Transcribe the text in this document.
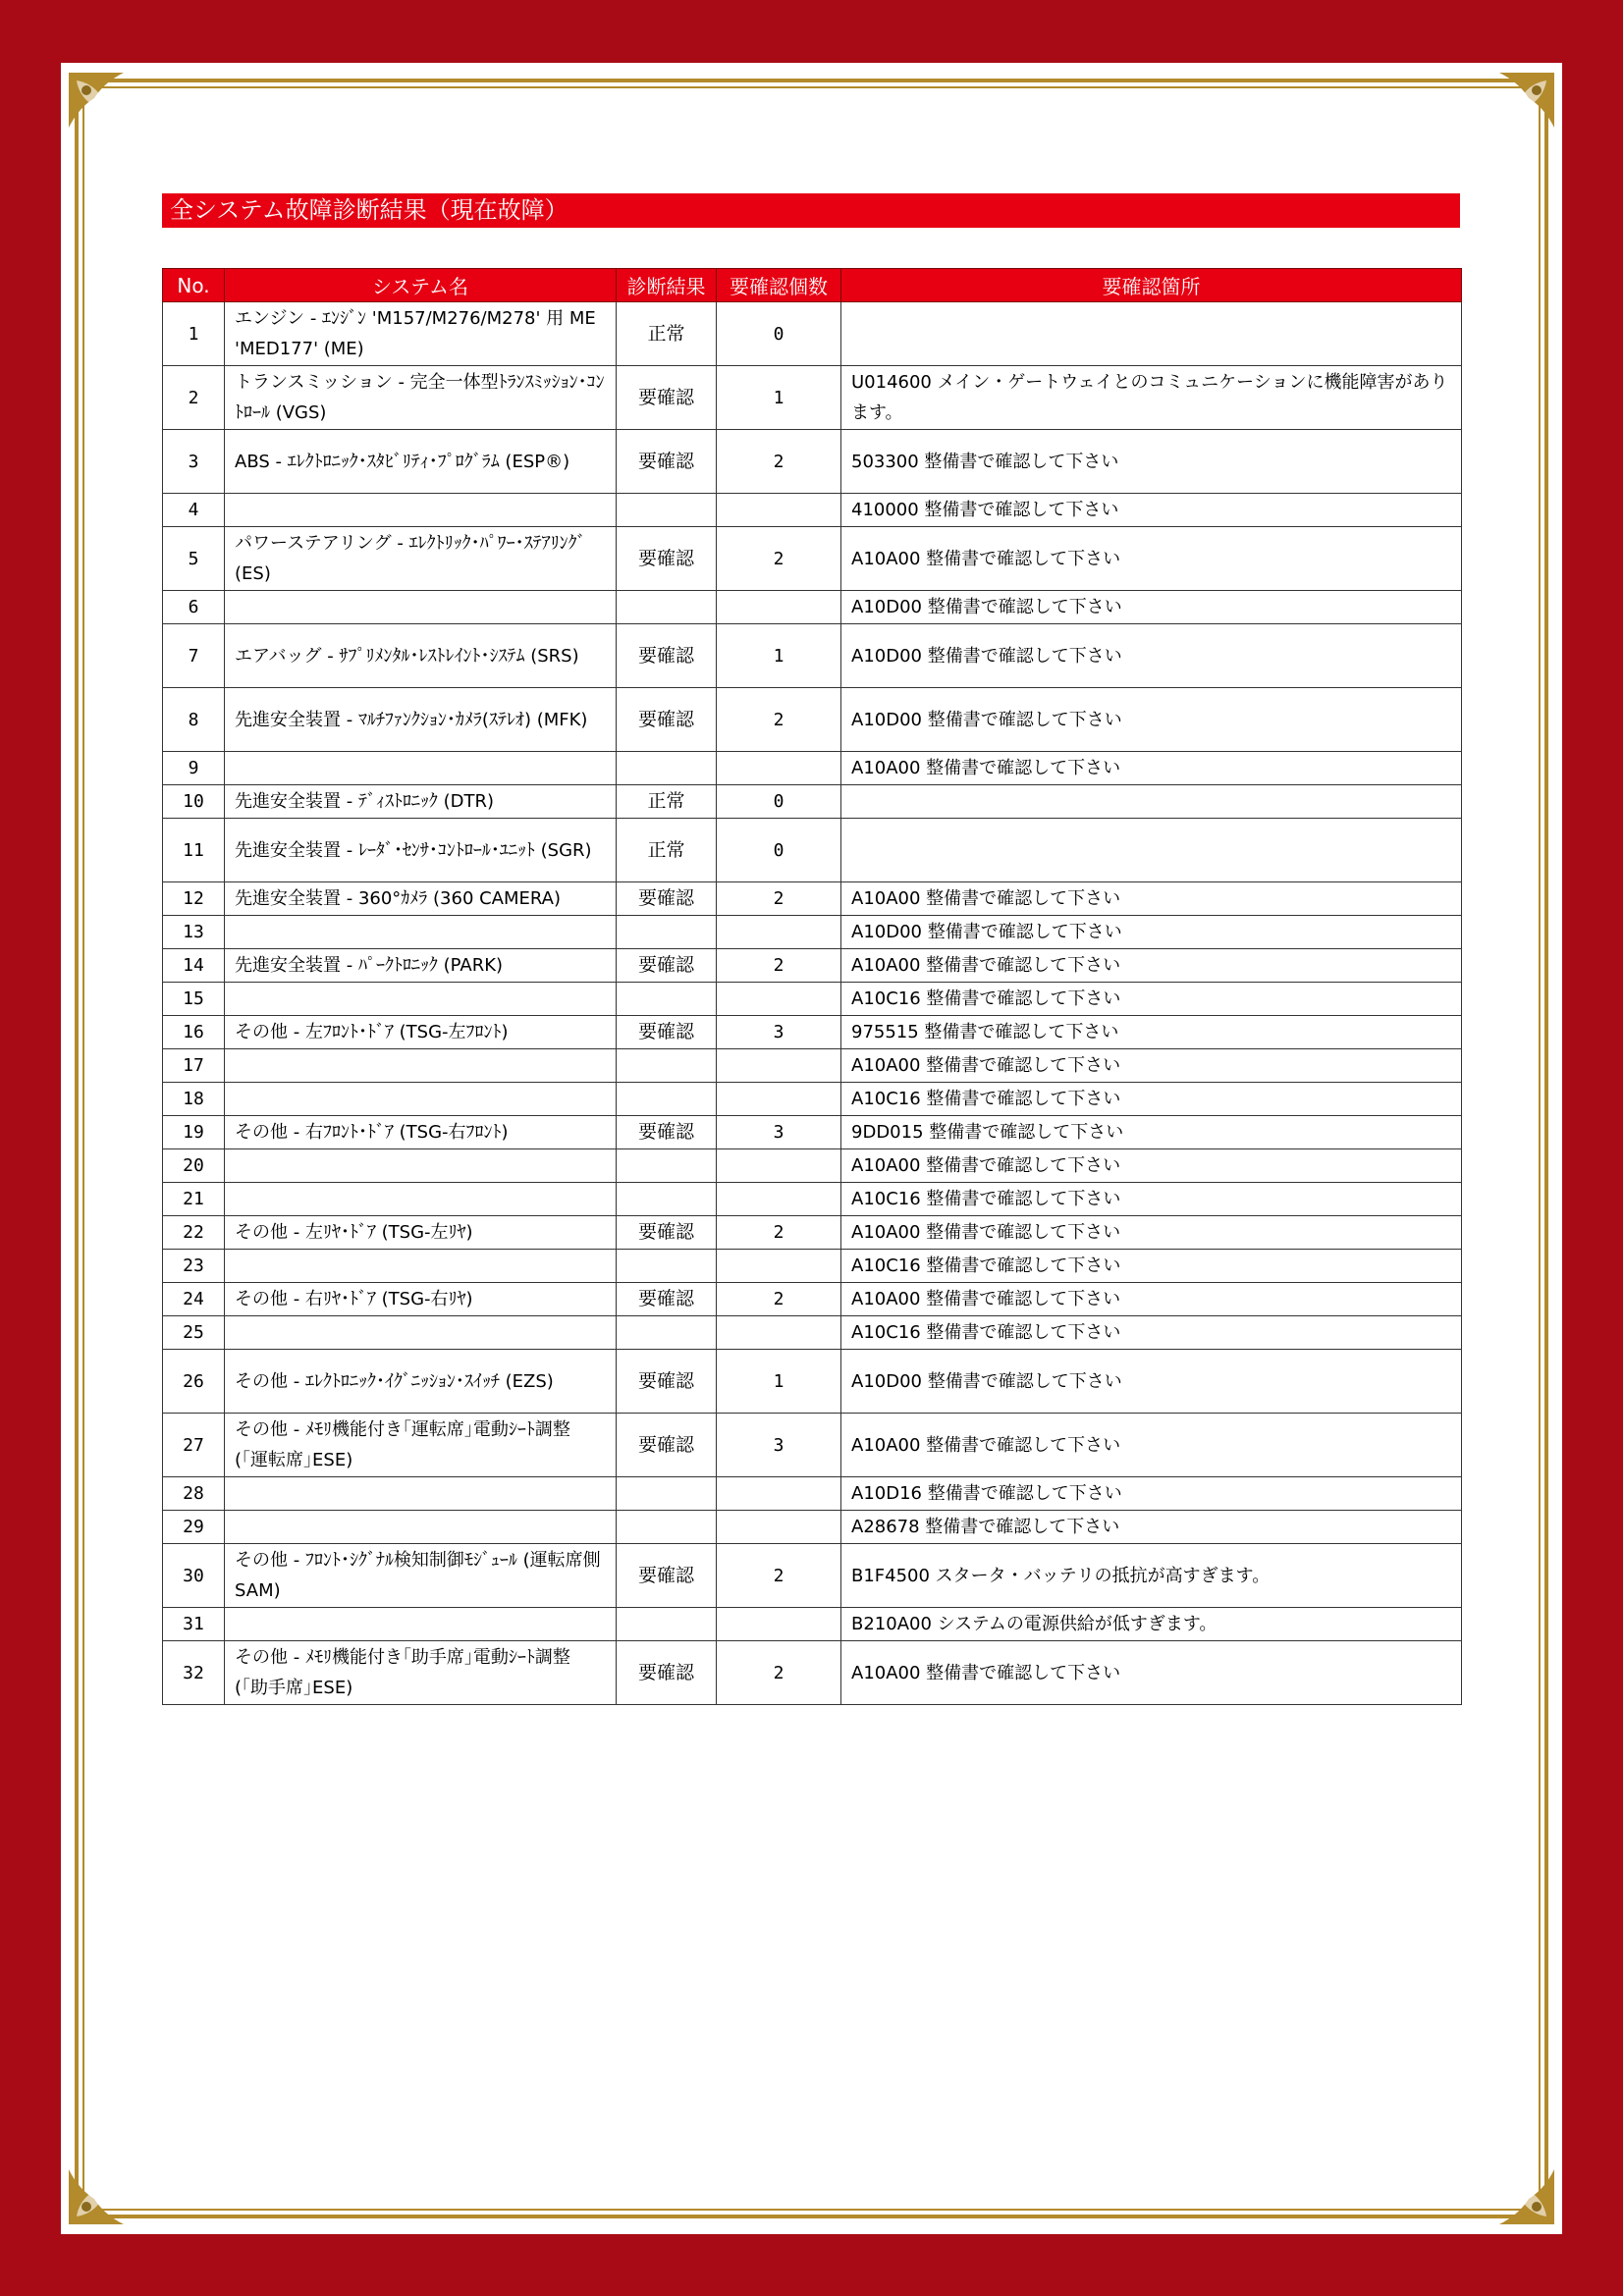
全システム故障診断結果（現在故障）
No.	システム名	診断結果	要確認個数	要確認箇所
1	エンジン - ｴﾝｼﾞﾝ 'M157/M276/M278' 用 ME 'MED177' (ME)	正常	0	
2	トランスミッション - 完全一体型ﾄﾗﾝｽﾐｯｼｮﾝ･ｺﾝﾄﾛｰﾙ (VGS)	要確認	1	U014600 メイン・ゲートウェイとのコミュニケーションに機能障害があります。
3	ABS - ｴﾚｸﾄﾛﾆｯｸ･ｽﾀﾋﾞﾘﾃｨ･ﾌﾟﾛｸﾞﾗﾑ (ESP®)	要確認	2	503300 整備書で確認して下さい
4				410000 整備書で確認して下さい
5	パワーステアリング - ｴﾚｸﾄﾘｯｸ･ﾊﾟﾜｰ･ｽﾃｱﾘﾝｸﾞ (ES)	要確認	2	A10A00 整備書で確認して下さい
6				A10D00 整備書で確認して下さい
7	エアバッグ - ｻﾌﾟﾘﾒﾝﾀﾙ･ﾚｽﾄﾚｲﾝﾄ･ｼｽﾃﾑ (SRS)	要確認	1	A10D00 整備書で確認して下さい
8	先進安全装置 - ﾏﾙﾁﾌｧﾝｸｼｮﾝ･ｶﾒﾗ(ｽﾃﾚｵ) (MFK)	要確認	2	A10D00 整備書で確認して下さい
9				A10A00 整備書で確認して下さい
10	先進安全装置 - ﾃﾞｨｽﾄﾛﾆｯｸ (DTR)	正常	0	
11	先進安全装置 - ﾚｰﾀﾞ･ｾﾝｻ･ｺﾝﾄﾛｰﾙ･ﾕﾆｯﾄ (SGR)	正常	0	
12	先進安全装置 - 360°ｶﾒﾗ (360 CAMERA)	要確認	2	A10A00 整備書で確認して下さい
13				A10D00 整備書で確認して下さい
14	先進安全装置 - ﾊﾟｰｸﾄﾛﾆｯｸ (PARK)	要確認	2	A10A00 整備書で確認して下さい
15				A10C16 整備書で確認して下さい
16	その他 - 左ﾌﾛﾝﾄ･ﾄﾞｱ (TSG-左ﾌﾛﾝﾄ)	要確認	3	975515 整備書で確認して下さい
17				A10A00 整備書で確認して下さい
18				A10C16 整備書で確認して下さい
19	その他 - 右ﾌﾛﾝﾄ･ﾄﾞｱ (TSG-右ﾌﾛﾝﾄ)	要確認	3	9DD015 整備書で確認して下さい
20				A10A00 整備書で確認して下さい
21				A10C16 整備書で確認して下さい
22	その他 - 左ﾘﾔ･ﾄﾞｱ (TSG-左ﾘﾔ)	要確認	2	A10A00 整備書で確認して下さい
23				A10C16 整備書で確認して下さい
24	その他 - 右ﾘﾔ･ﾄﾞｱ (TSG-右ﾘﾔ)	要確認	2	A10A00 整備書で確認して下さい
25				A10C16 整備書で確認して下さい
26	その他 - ｴﾚｸﾄﾛﾆｯｸ･ｲｸﾞﾆｯｼｮﾝ･ｽｲｯﾁ (EZS)	要確認	1	A10D00 整備書で確認して下さい
27	その他 - ﾒﾓﾘ機能付き｢運転席｣電動ｼｰﾄ調整 (｢運転席｣ESE)	要確認	3	A10A00 整備書で確認して下さい
28				A10D16 整備書で確認して下さい
29				A28678 整備書で確認して下さい
30	その他 - ﾌﾛﾝﾄ･ｼｸﾞﾅﾙ検知制御ﾓｼﾞｭｰﾙ (運転席側SAM)	要確認	2	B1F4500 スタータ・バッテリの抵抗が高すぎます。
31				B210A00 システムの電源供給が低すぎます。
32	その他 - ﾒﾓﾘ機能付き｢助手席｣電動ｼｰﾄ調整 (｢助手席｣ESE)	要確認	2	A10A00 整備書で確認して下さい
